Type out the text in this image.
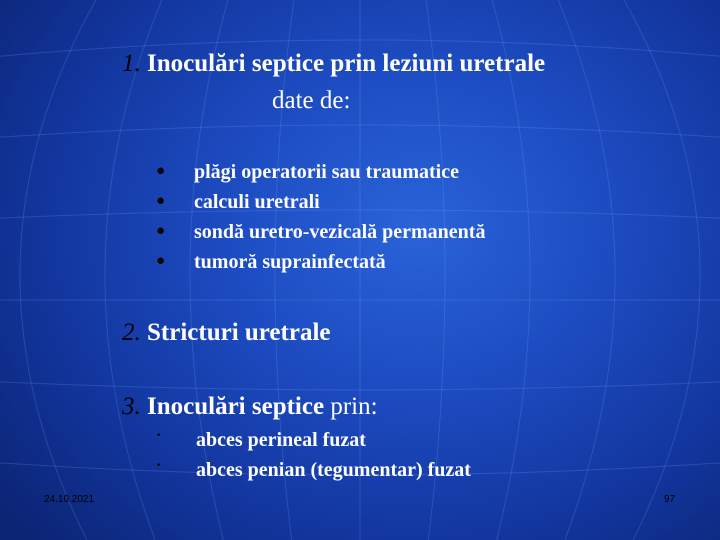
1. Inoculări septice prin leziuni uretrale
date de:
● plăgi operatorii sau traumatice
● calculi uretrali
● sondă uretro-vezicală permanentă
● tumoră suprainfectată
2. Stricturi uretrale
3. Inoculări septice prin:
· abces perineal fuzat
· abces penian (tegumentar) fuzat
24.10.2021	97
